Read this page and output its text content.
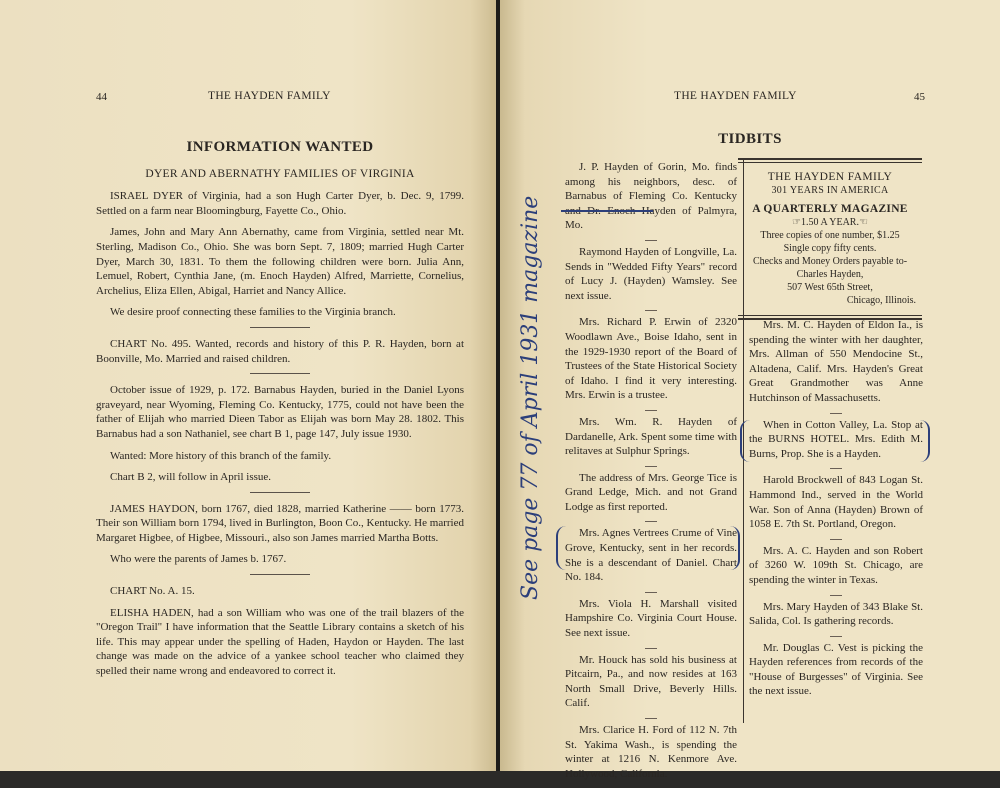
44	THE HAYDEN FAMILY
INFORMATION WANTED
DYER AND ABERNATHY FAMILIES OF VIRGINIA

ISRAEL DYER of Virginia, had a son Hugh Carter Dyer, b. Dec. 9, 1799. Settled on a farm near Bloomingburg, Fayette Co., Ohio.

James, John and Mary Ann Abernathy, came from Virginia, settled near Mt. Sterling, Madison Co., Ohio. She was born Sept. 7, 1809; married Hugh Carter Dyer, March 30, 1831. To them the following children were born. Julia Ann, Lemuel, Robert, Cynthia Jane, (m. Enoch Hayden) Alfred, Marriette, Cornelius, Archelius, Eliza Ellen, Abigal, Harriet and Nancy Allice.

We desire proof connecting these families to the Virginia branch.

CHART No. 495. Wanted, records and history of this P. R. Hayden, born at Boonville, Mo. Married and raised children.

October issue of 1929, p. 172. Barnabus Hayden, buried in the Daniel Lyons graveyard, near Wyoming, Fleming Co. Kentucky, 1775, could not have been the father of Elijah who married Dieen Tabor as Elijah was born May 28. 1802. This Barnabus had a son Nathaniel, see chart B 1, page 147, July issue 1930.

Wanted: More history of this branch of the family.

Chart B 2, will follow in April issue.

JAMES HAYDON, born 1767, died 1828, married Katherine —— born 1773. Their son William born 1794, lived in Burlington, Boon Co., Kentucky. He married Margaret Higbee, of Higbee, Missouri., also son James married Martha Botts.

Who were the parents of James b. 1767.

CHART No. A. 15.

ELISHA HADEN, had a son William who was one of the trail blazers of the "Oregon Trail" I have information that the Seattle Library contains a sketch of his life. This may appear under the spelling of Haden, Haydon or Hayden. The last change was made on the advice of a yankee school teacher who claimed they spelled their name wrong and endeavored to correct it.

THE HAYDEN FAMILY	45
TIDBITS

J. P. Hayden of Gorin, Mo. finds among his neighbors, desc. of Barnabus of Fleming Co. Kentucky and Dr. Enoch Hayden of Palmyra, Mo.

Raymond Hayden of Longville, La. Sends in "Wedded Fifty Years" record of Lucy J. (Hayden) Wamsley. See next issue.

Mrs. Richard P. Erwin of 2320 Woodlawn Ave., Boise Idaho, sent in the 1929-1930 report of the Board of Trustees of the State Historical Society of Idaho. I find it very interesting. Mrs. Erwin is a trustee.

Mrs. Wm. R. Hayden of Dardanelle, Ark. Spent some time with relitaves at Sulphur Springs.

The address of Mrs. George Tice is Grand Ledge, Mich. and not Grand Lodge as first reported.

Mrs. Agnes Vertrees Crume of Vine Grove, Kentucky, sent in her records. She is a descendant of Daniel. Chart No. 184.

Mrs. Viola H. Marshall visited Hampshire Co. Virginia Court House. See next issue.

Mr. Houck has sold his business at Pitcairn, Pa., and now resides at 163 North Small Drive, Beverly Hills. Calif.

Mrs. Clarice H. Ford of 112 N. 7th St. Yakima Wash., is spending the winter at 1216 N. Kenmore Ave. Hollywood, California.

THE HAYDEN FAMILY
301 YEARS IN AMERICA
A QUARTERLY MAGAZINE
☞1.50 A YEAR.☜
Three copies of one number, $1.25
Single copy fifty cents.
Checks and Money Orders payable to-
Charles Hayden,
507 West 65th Street,
Chicago, Illinois.

Mrs. M. C. Hayden of Eldon Ia., is spending the winter with her daughter, Mrs. Allman of 550 Mendocine St., Altadena, Calif. Mrs. Hayden's Great Great Grandmother was Anne Hutchinson of Massachusetts.

When in Cotton Valley, La. Stop at the BURNS HOTEL. Mrs. Edith M. Burns, Prop. She is a Hayden.

Harold Brockwell of 843 Logan St. Hammond Ind., served in the World War. Son of Anna (Hayden) Brown of 1058 E. 7th St. Portland, Oregon.

Mrs. A. C. Hayden and son Robert of 3260 W. 109th St. Chicago, are spending the winter in Texas.

Mrs. Mary Hayden of 343 Blake St. Salida, Col. Is gathering records.

Mr. Douglas C. Vest is picking the Hayden references from records of the "House of Burgesses" of Virginia. See the next issue.

See page 77 of April 1931 magazine
